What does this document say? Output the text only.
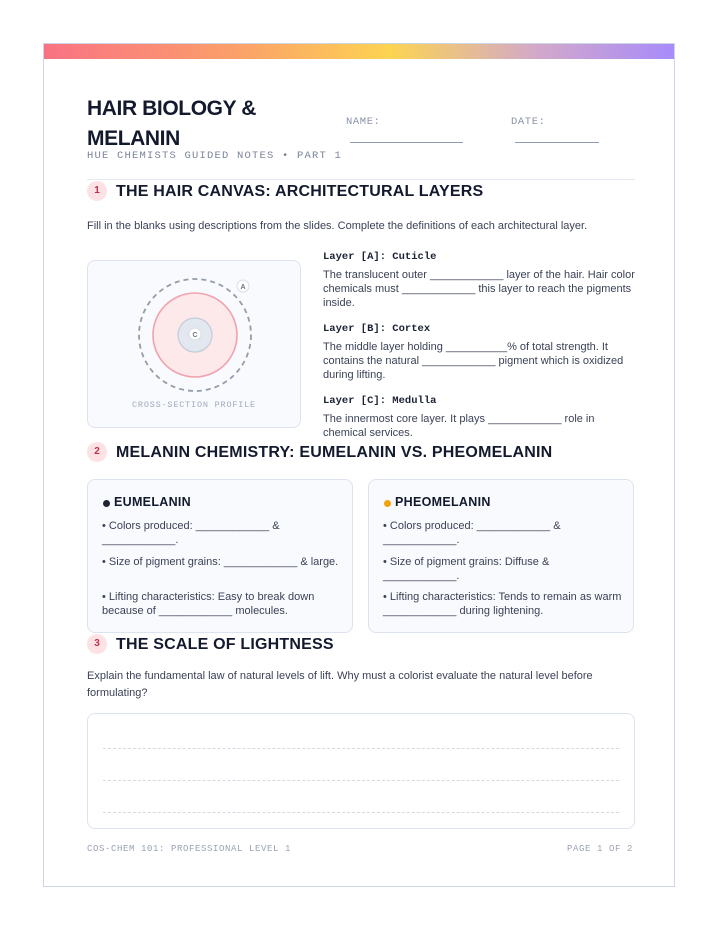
HAIR BIOLOGY & MELANIN
HUE CHEMISTS GUIDED NOTES • PART 1
NAME:	DATE:
1	THE HAIR CANVAS: ARCHITECTURAL LAYERS
Fill in the blanks using descriptions from the slides. Complete the definitions of each architectural layer.
A
C
CROSS-SECTION PROFILE
Layer [A]: Cuticle
The translucent outer ____________ layer of the hair. Hair color chemicals must ____________ this layer to reach the pigments inside.
Layer [B]: Cortex
The middle layer holding __________% of total strength. It contains the natural ____________ pigment which is oxidized during lifting.
Layer [C]: Medulla
The innermost core layer. It plays ____________ role in chemical services.
2	MELANIN CHEMISTRY: EUMELANIN VS. PHEOMELANIN
EUMELANIN
• Colors produced: ____________ & ____________.
• Size of pigment grains: ____________ & large.
• Lifting characteristics: Easy to break down because of ____________ molecules.
PHEOMELANIN
• Colors produced: ____________ & ____________.
• Size of pigment grains: Diffuse & ____________.
• Lifting characteristics: Tends to remain as warm ____________ during lightening.
3	THE SCALE OF LIGHTNESS
Explain the fundamental law of natural levels of lift. Why must a colorist evaluate the natural level before formulating?
COS-CHEM 101: PROFESSIONAL LEVEL 1	PAGE 1 OF 2
